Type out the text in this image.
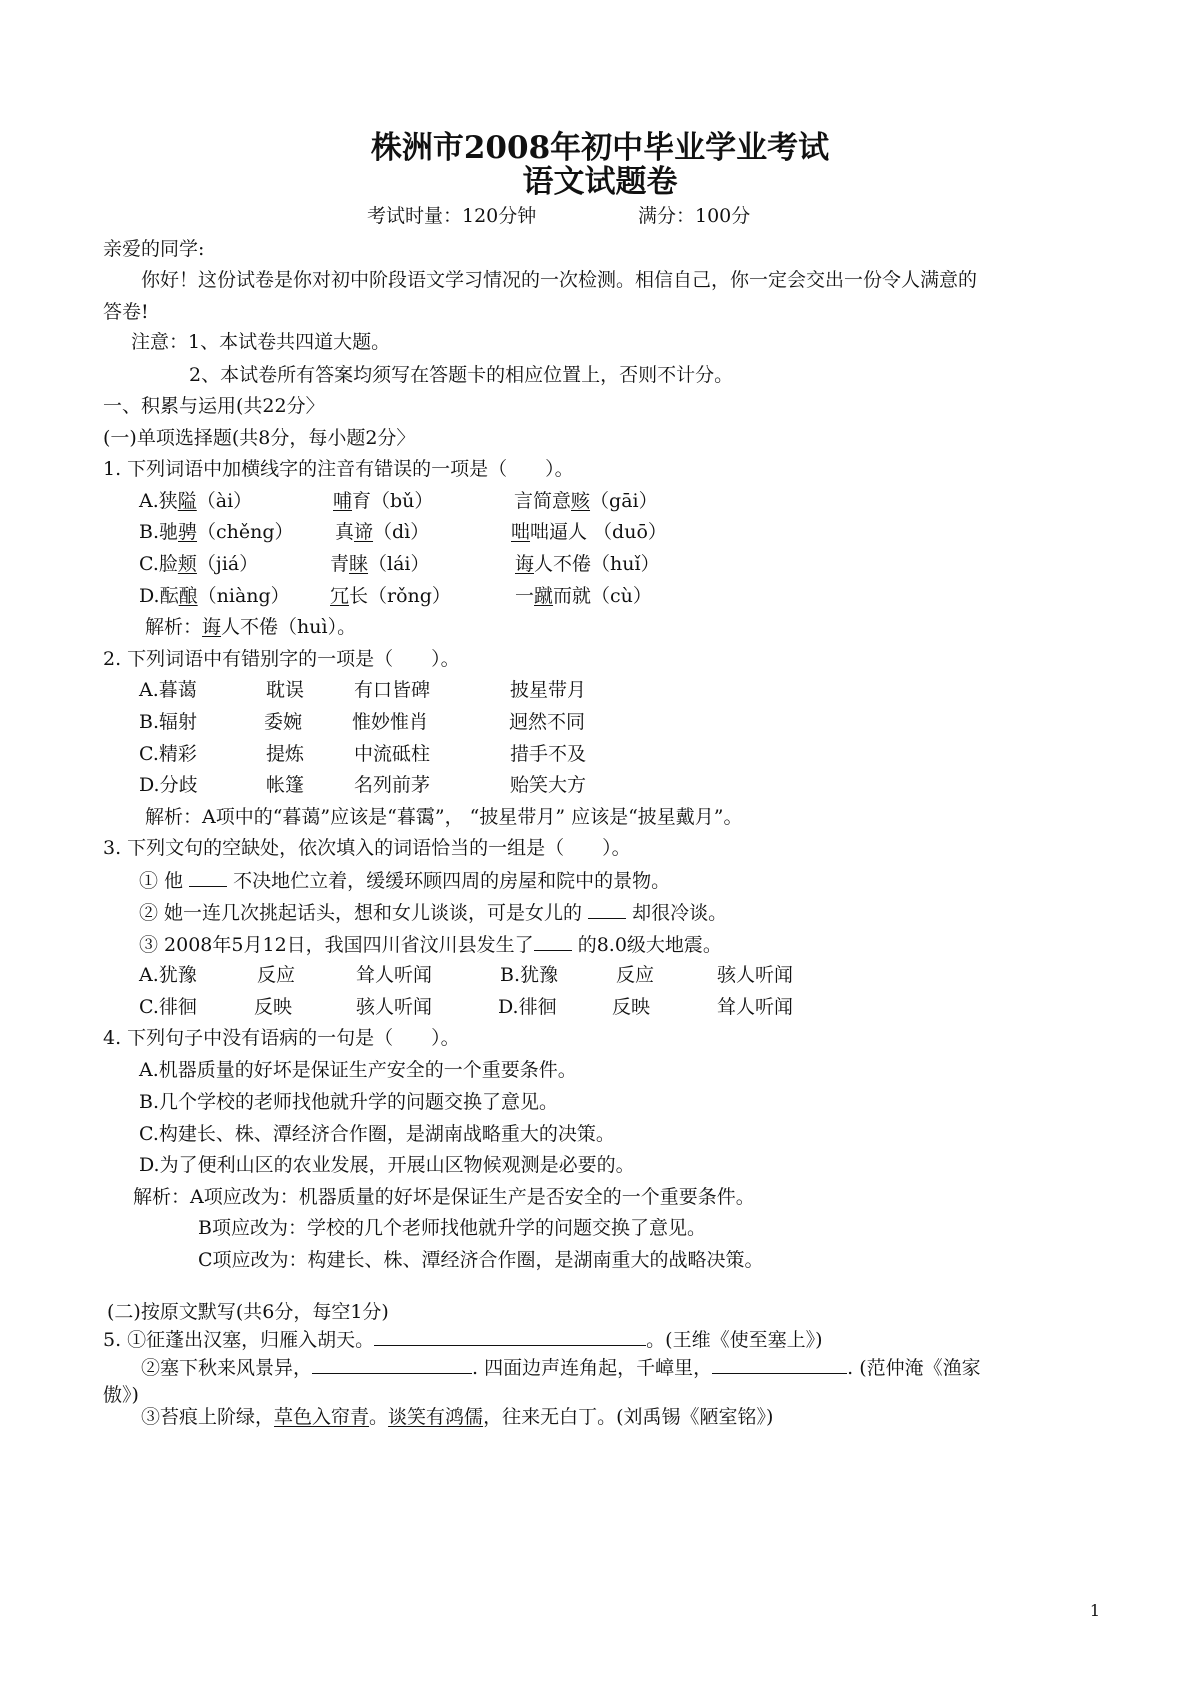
株洲市2008年初中毕业学业考试
语文试题卷
考试时量：120分钟	满分：100分
亲爱的同学:
你好！这份试卷是你对初中阶段语文学习情况的一次检测。相信自己，你一定会交出一份令人满意的
答卷!
注意：1、本试卷共四道大题。
2、本试卷所有答案均须写在答题卡的相应位置上，否则不计分。
一、积累与运用(共22分〉
(一)单项选择题(共8分，每小题2分〉
1. 下列词语中加横线字的注音有错误的一项是（　　）。
A.狭隘（ài）	哺育（bǔ）	言简意赅（gāi）
B.驰骋（chěng） 真谛（dì）	咄咄逼人 （duō）
C.脸颊（jiá）	青睐（lái）	诲人不倦（huǐ）
D.酝酿（niàng） 冗长（rǒng）	一蹴而就（cù）
解析：诲人不倦（huì）。
2. 下列词语中有错别字的一项是（　　）。
A.暮蔼	耽误	有口皆碑	披星带月
B.辐射	委婉	惟妙惟肖	迥然不同
C.精彩	提炼	中流砥柱	措手不及
D.分歧	帐篷	名列前茅	贻笑大方
解析：A项中的“暮蔼”应该是“暮霭”， “披星带月” 应该是“披星戴月”。
3. 下列文句的空缺处，依次填入的词语恰当的一组是（　　）。
① 他	不决地伫立着，缓缓环顾四周的房屋和院中的景物。
② 她一连几次挑起话头，想和女儿谈谈，可是女儿的	却很冷谈。
③ 2008年5月12日，我国四川省汶川县发生了 的8.0级大地震。
A.犹豫	反应	耸人听闻	B.犹豫	反应	骇人听闻
C.徘徊	反映	骇人听闻	D.徘徊	反映	耸人听闻
4. 下列句子中没有语病的一句是（　　）。
A.机器质量的好坏是保证生产安全的一个重要条件。
B.几个学校的老师找他就升学的问题交换了意见。
C.构建长、株、潭经济合作圈，是湖南战略重大的决策。
D.为了便利山区的农业发展，开展山区物候观测是必要的。
解析：A项应改为：机器质量的好坏是保证生产是否安全的一个重要条件。
B项应改为：学校的几个老师找他就升学的问题交换了意见。
C项应改为：构建长、株、潭经济合作圈，是湖南重大的战略决策。
(二)按原文默写(共6分，每空1分)
5. ①征蓬出汉塞，归雁入胡天。	。(王维《使至塞上》)
②塞下秋来风景异，	. 四面边声连角起，千嶂里，	. (范仲淹《渔家
傲》)
③苔痕上阶绿，草色入帘青。谈笑有鸿儒，往来无白丁。(刘禹锡《陋室铭》)
1
